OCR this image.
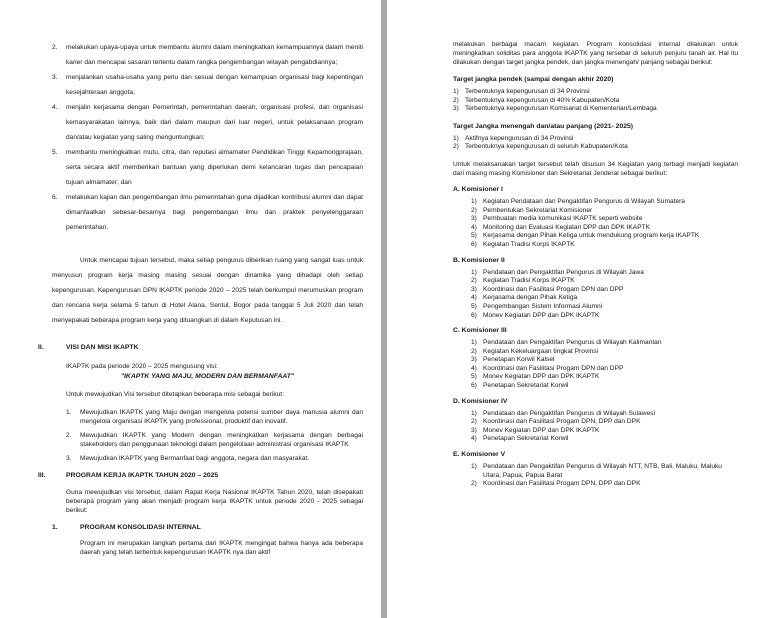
2. melakukan upaya-upaya untuk membantu alumni dalam meningkatkan kemampuannya dalam meniti karier dan mencapai sasaran tertentu dalam rangka pengembangan wilayah pengabdiannya;
3. menjalankan usaha-usaha yang perlu dan sesuai dengan kemampuan organisasi bagi kepentingan kesejahteraan anggota;
4. menjalin kerjasama dengan Pemerintah, pemerintahan daerah, organisasi profesi, dan organisasi kemasyarakatan lainnya, baik dari dalam maupun dari luar negeri, untuk pelaksanaan program dan/atau kegiatan yang saling menguntungkan;
5. membantu meningkatkan mutu, citra, dan reputasi almamater Pendidikan Tinggi Kepamongprajaan, serta secara aktif memberikan bantuan yang diperlukan demi kelancaran tugas dan pencapaian tujuan almamater; dan
6. melakukan kajian dan pengembangan ilmu pemerintahan guna dijadikan kontribusi alumni dan dapat dimanfaatkan sebesar-besarnya bagi pengembangan ilmu dan praktek penyelenggaraan pemerintahan.

Untuk mencapai tujuan tersebut, maka setiap pengurus diberikan ruang yang sangat luas untuk menyusun program kerja masing masing sesuai dengan dinamika yang dihadapi oleh setiap kepengurusan. Kepengurusan DPN IKAPTK periode 2020 – 2025 telah berkumpul merumuskan program dan rencana kerja selama 5 tahun di Hotel Alana, Sentul, Bogor pada tanggal 5 Juli 2020 dan telah menyepakati beberapa program kerja yang dituangkan di dalam Keputusan ini.

II.	VISI DAN MISI IKAPTK

IKAPTK pada periode 2020 – 2025 mengusung visi:

"IKAPTK YANG MAJU, MODERN DAN BERMANFAAT"

Untuk mewujudkan Visi tersebut ditetapkan beberapa misi sebagai berikut:

1. Mewujudkan IKAPTK yang Maju dengan mengelola potensi sumber daya manusia alumni dan mengelola organisasi IKAPTK yang professional, produktif dan inovatif.
2. Mewujudkan IKAPTK yang Modern dengan meningkatkan kerjasama dengan berbagai stakeholders dan penggunaan teknologi dalam pengelolaan administrasi organisasi IKAPTK
3. Mewujudkan IKAPTK yang Bermanfaat bagi anggota, negara dan masyarakat.
III.	PROGRAM KERJA IKAPTK TAHUN 2020 – 2025

Guna mewujudkan visi tersebut, dalam Rapat Kerja Nasional IKAPTK Tahun 2020, telah disepakati beberapa program yang akan menjadi program kerja IKAPTK untuk periode 2020 - 2025 sebagai berikut:

1.	PROGRAM KONSOLIDASI INTERNAL

Program ini merupakan langkah pertama dari IKAPTK mengingat bahwa hanya ada beberapa daerah yang telah terbentuk kepengurusan IKAPTK nya dan aktif

melakukan berbagai macam kegiatan. Program konsolidasi internal dilakukan untuk meningkatkan soliditas para anggota IKAPTK yang tersebar di seluruh penjuru tanah air. Hal itu dilakukan dengan target jangka pendek, dan jangka menengah/ panjang sebagai berikut:

Target jangka pendek (sampai dengan akhir 2020)

1) Terbentuknya kepengurusan di 34 Provinsi
2) Terbentuknya kepengurusan di 40% Kabupaten/Kota
3) Terbentuknya kepengurusan Komisariat di Kementerian/Lembaga

Target Jangka menengah dan/atau panjang (2021- 2025)

1) Aktifnya kepengurusan di 34 Provinsi
2) Terbentuknya kepengurusan di seluruh Kabupaten/Kota

Untuk melaksanakan target tersebut telah disusun 34 Kegiatan yang terbagi menjadi kegiatan dari masing masing Komisioner dan Sekretariat Jenderal sebagai berikut:

A. Komisioner I

1) Kegiatan Pendataan dan Pengaktifan Pengurus di Wilayah Sumatera
2) Pembentukan Sekretariat Komisioner
3) Pembuatan media komunikasi IKAPTK seperti website
4) Monitoring dan Evaluasi Kegiatan DPP dan DPK IKAPTK
5) Kerjasama dengan Pihak Ketiga untuk mendukung program kerja IKAPTK
6) Kegiatan Tradisi Korps IKAPTK

B. Komisioner II

1) Pendataan dan Pengaktifan Pengurus di Wilayah Jawa
2) Kegiatan Tradisi Korps IKAPTK
3) Koordinasi dan Fasilitasi Progam DPN dan DPP
4) Kerjasama dengan Pihak Ketiga
5) Pengembangan Sistem Informasi Alumni
6) Monev Kegiatan DPP dan DPK IKAPTK

C. Komisioner III

1) Pendataan dan Pengaktifan Pengurus di Wilayah Kalimantan
2) Kegiatan Kekeluargaan tingkat Provinsi
3) Penetapan Korwil Kalsel
4) Koordinasi dan Fasilitasi Progam DPN dan DPP
5) Monev Kegiatan DPP dan DPK IKAPTK
6) Penetapan Sekretariat Korwil

D. Komisioner IV

1) Pendataan dan Pengaktifan Pengurus di Wilayah Sulawesi
2) Koordinasi dan Fasilitasi Progam DPN, DPP dan DPK
3) Monev Kegiatan DPP dan DPK IKAPTK
4) Penetapan Sekretariat Korwil

E. Komisioner V

1) Pendataan dan Pengaktifan Pengurus di Wilayah NTT, NTB, Bali, Maluku, Maluku Utara, Papua, Papua Barat
2) Koordinasi dan Fasilitasi Progam DPN, DPP dan DPK
